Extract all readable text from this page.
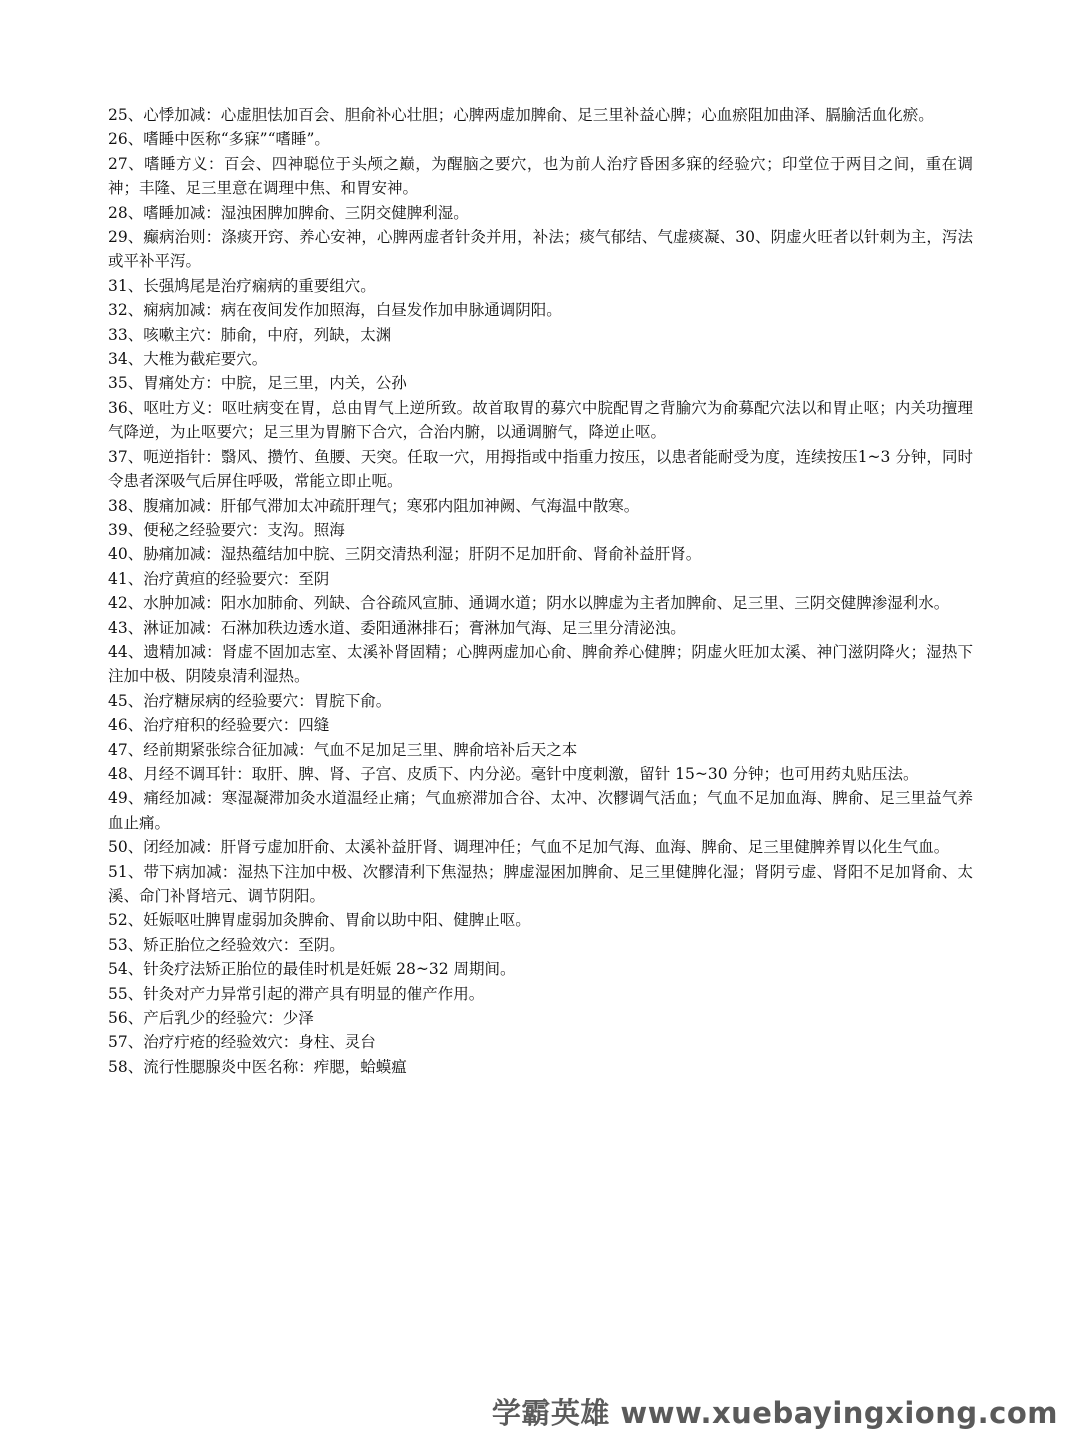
25、心悸加减：心虚胆怯加百会、胆俞补心壮胆；心脾两虚加脾俞、足三里补益心脾；心血瘀阻加曲泽、膈腧活血化瘀。

26、嗜睡中医称“多寐”“嗜睡”。

27、嗜睡方义：百会、四神聪位于头颅之巅，为醒脑之要穴，也为前人治疗昏困多寐的经验穴；印堂位于两目之间，重在调神；丰隆、足三里意在调理中焦、和胃安神。

28、嗜睡加减：湿浊困脾加脾俞、三阴交健脾利湿。

29、癫病治则：涤痰开窍、养心安神，心脾两虚者针灸并用，补法；痰气郁结、气虚痰凝、30、阴虚火旺者以针刺为主，泻法或平补平泻。

31、长强鸠尾是治疗痫病的重要组穴。

32、痫病加减：病在夜间发作加照海，白昼发作加申脉通调阴阳。

33、咳嗽主穴：肺俞，中府，列缺，太渊

34、大椎为截疟要穴。

35、胃痛处方：中脘，足三里，内关，公孙

36、呕吐方义：呕吐病变在胃，总由胃气上逆所致。故首取胃的募穴中脘配胃之背腧穴为俞募配穴法以和胃止呕；内关功擅理气降逆，为止呕要穴；足三里为胃腑下合穴，合治内腑，以通调腑气，降逆止呕。

37、呃逆指针：翳风、攒竹、鱼腰、天突。任取一穴，用拇指或中指重力按压，以患者能耐受为度，连续按压1~3 分钟，同时令患者深吸气后屏住呼吸，常能立即止呃。

38、腹痛加减：肝郁气滞加太冲疏肝理气；寒邪内阻加神阙、气海温中散寒。

39、便秘之经验要穴：支沟。照海

40、胁痛加减：湿热蕴结加中脘、三阴交清热利湿；肝阴不足加肝俞、肾俞补益肝肾。

41、治疗黄疸的经验要穴：至阴

42、水肿加减：阳水加肺俞、列缺、合谷疏风宣肺、通调水道；阴水以脾虚为主者加脾俞、足三里、三阴交健脾渗湿利水。

43、淋证加减：石淋加秩边透水道、委阳通淋排石；膏淋加气海、足三里分清泌浊。

44、遗精加减：肾虚不固加志室、太溪补肾固精；心脾两虚加心俞、脾俞养心健脾；阴虚火旺加太溪、神门滋阴降火；湿热下注加中极、阴陵泉清利湿热。

45、治疗糖尿病的经验要穴：胃脘下俞。

46、治疗疳积的经验要穴：四缝

47、经前期紧张综合征加减：气血不足加足三里、脾俞培补后天之本

48、月经不调耳针：取肝、脾、肾、子宫、皮质下、内分泌。毫针中度刺激，留针 15~30 分钟；也可用药丸贴压法。

49、痛经加减：寒湿凝滞加灸水道温经止痛；气血瘀滞加合谷、太冲、次髎调气活血；气血不足加血海、脾俞、足三里益气养血止痛。

50、闭经加减：肝肾亏虚加肝俞、太溪补益肝肾、调理冲任；气血不足加气海、血海、脾俞、足三里健脾养胃以化生气血。

51、带下病加减：湿热下注加中极、次髎清利下焦湿热；脾虚湿困加脾俞、足三里健脾化湿；肾阴亏虚、肾阳不足加肾俞、太溪、命门补肾培元、调节阴阳。

52、妊娠呕吐脾胃虚弱加灸脾俞、胃俞以助中阳、健脾止呕。

53、矫正胎位之经验效穴：至阴。

54、针灸疗法矫正胎位的最佳时机是妊娠 28~32 周期间。

55、针灸对产力异常引起的滞产具有明显的催产作用。

56、产后乳少的经验穴：少泽

57、治疗疔疮的经验效穴：身柱、灵台

58、流行性腮腺炎中医名称：痄腮，蛤蟆瘟

学霸英雄 www.xuebayingxiong.com
